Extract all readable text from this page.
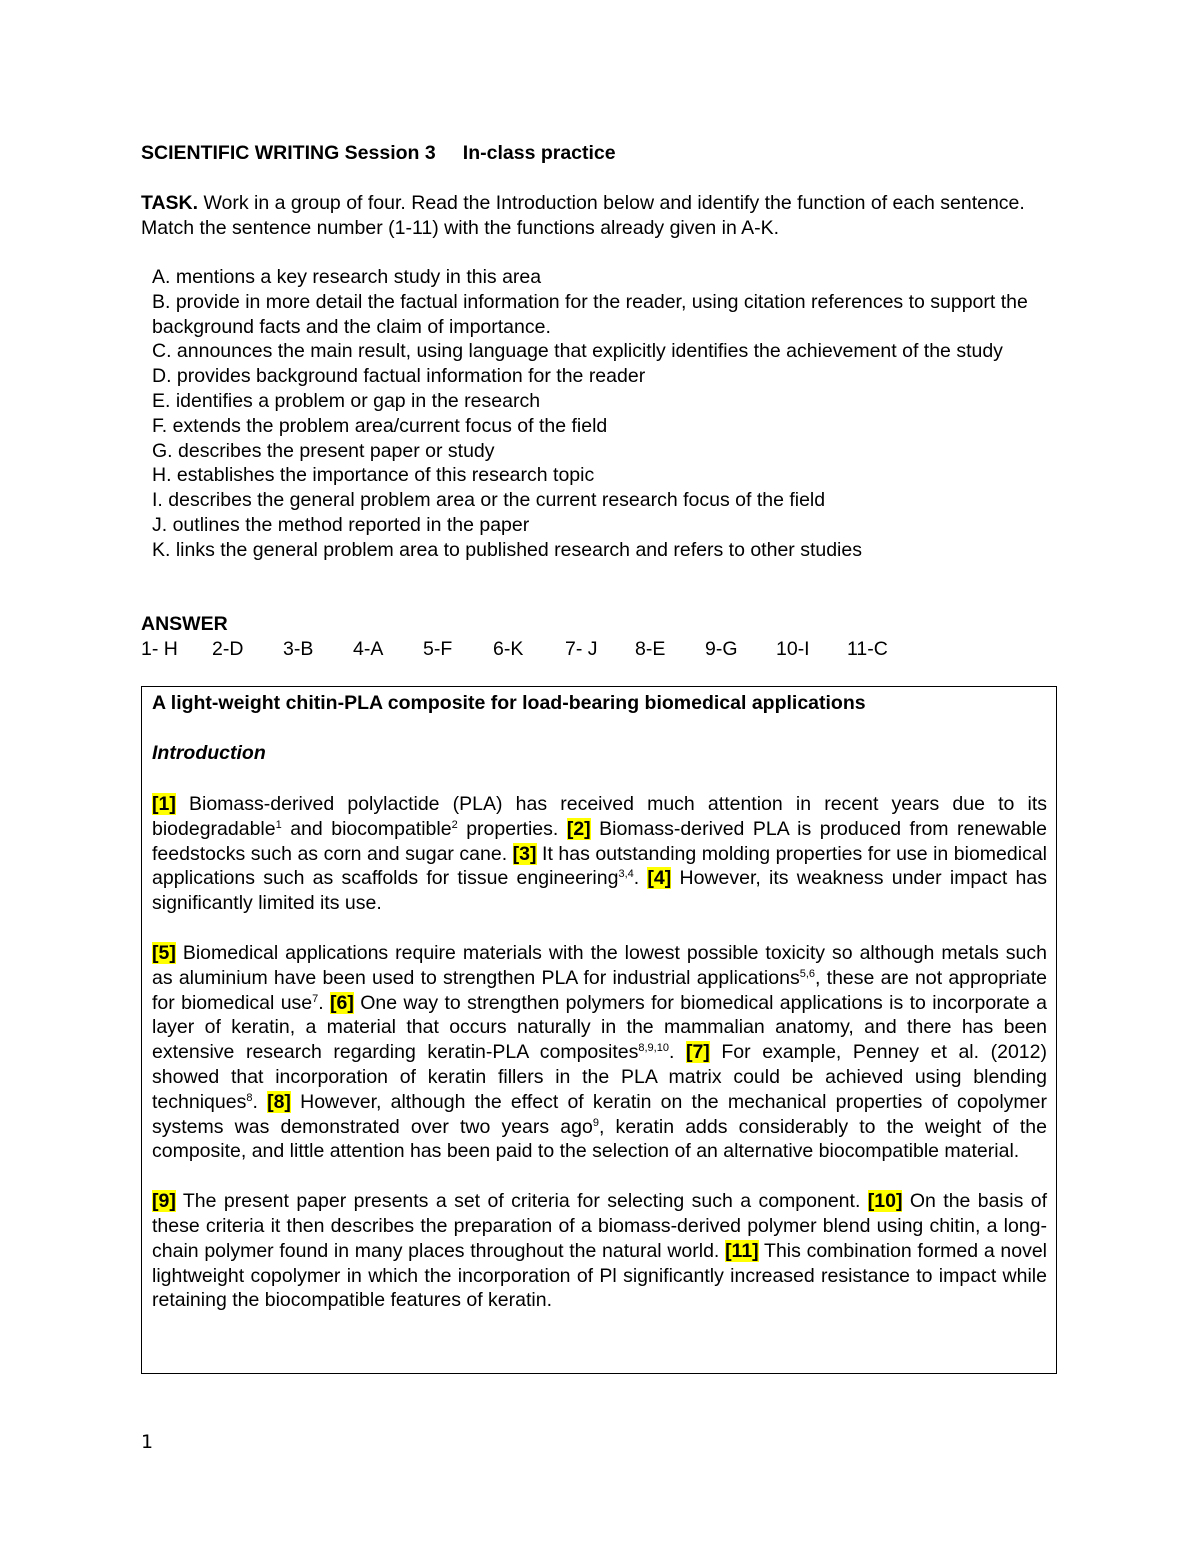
SCIENTIFIC WRITING Session 3 In-class practice
TASK. Work in a group of four. Read the Introduction below and identify the function of each sentence. Match the sentence number (1-11) with the functions already given in A-K.
A. mentions a key research study in this area
B. provide in more detail the factual information for the reader, using citation references to support the background facts and the claim of importance.
C. announces the main result, using language that explicitly identifies the achievement of the study
D. provides background factual information for the reader
E. identifies a problem or gap in the research
F. extends the problem area/current focus of the field
G. describes the present paper or study
H. establishes the importance of this research topic
I. describes the general problem area or the current research focus of the field
J. outlines the method reported in the paper
K. links the general problem area to published research and refers to other studies
ANSWER
1- H 2-D 3-B 4-A 5-F 6-K 7- J 8-E 9-G 10-I 11-C

A light-weight chitin-PLA composite for load-bearing biomedical applications

Introduction

[1] Biomass-derived polylactide (PLA) has received much attention in recent years due to its biodegradable$^1$ and biocompatible$^2$ properties. [2] Biomass-derived PLA is produced from renewable feedstocks such as corn and sugar cane. [3] It has outstanding molding properties for use in biomedical applications such as scaffolds for tissue engineering$^{3,4}$. [4] However, its weakness under impact has significantly limited its use.

[5] Biomedical applications require materials with the lowest possible toxicity so although metals such as aluminium have been used to strengthen PLA for industrial applications$^{5,6}$, these are not appropriate for biomedical use$^7$. [6] One way to strengthen polymers for biomedical applications is to incorporate a layer of keratin, a material that occurs naturally in the mammalian anatomy, and there has been extensive research regarding keratin-PLA composites$^{8,9,10}$. [7] For example, Penney et al. (2012) showed that incorporation of keratin fillers in the PLA matrix could be achieved using blending techniques$^8$. [8] However, although the effect of keratin on the mechanical properties of copolymer systems was demonstrated over two years ago$^9$, keratin adds considerably to the weight of the composite, and little attention has been paid to the selection of an alternative biocompatible material.

[9] The present paper presents a set of criteria for selecting such a component. [10] On the basis of these criteria it then describes the preparation of a biomass-derived polymer blend using chitin, a long- chain polymer found in many places throughout the natural world. [11] This combination formed a novel lightweight copolymer in which the incorporation of Pl significantly increased resistance to impact while retaining the biocompatible features of keratin.

1
